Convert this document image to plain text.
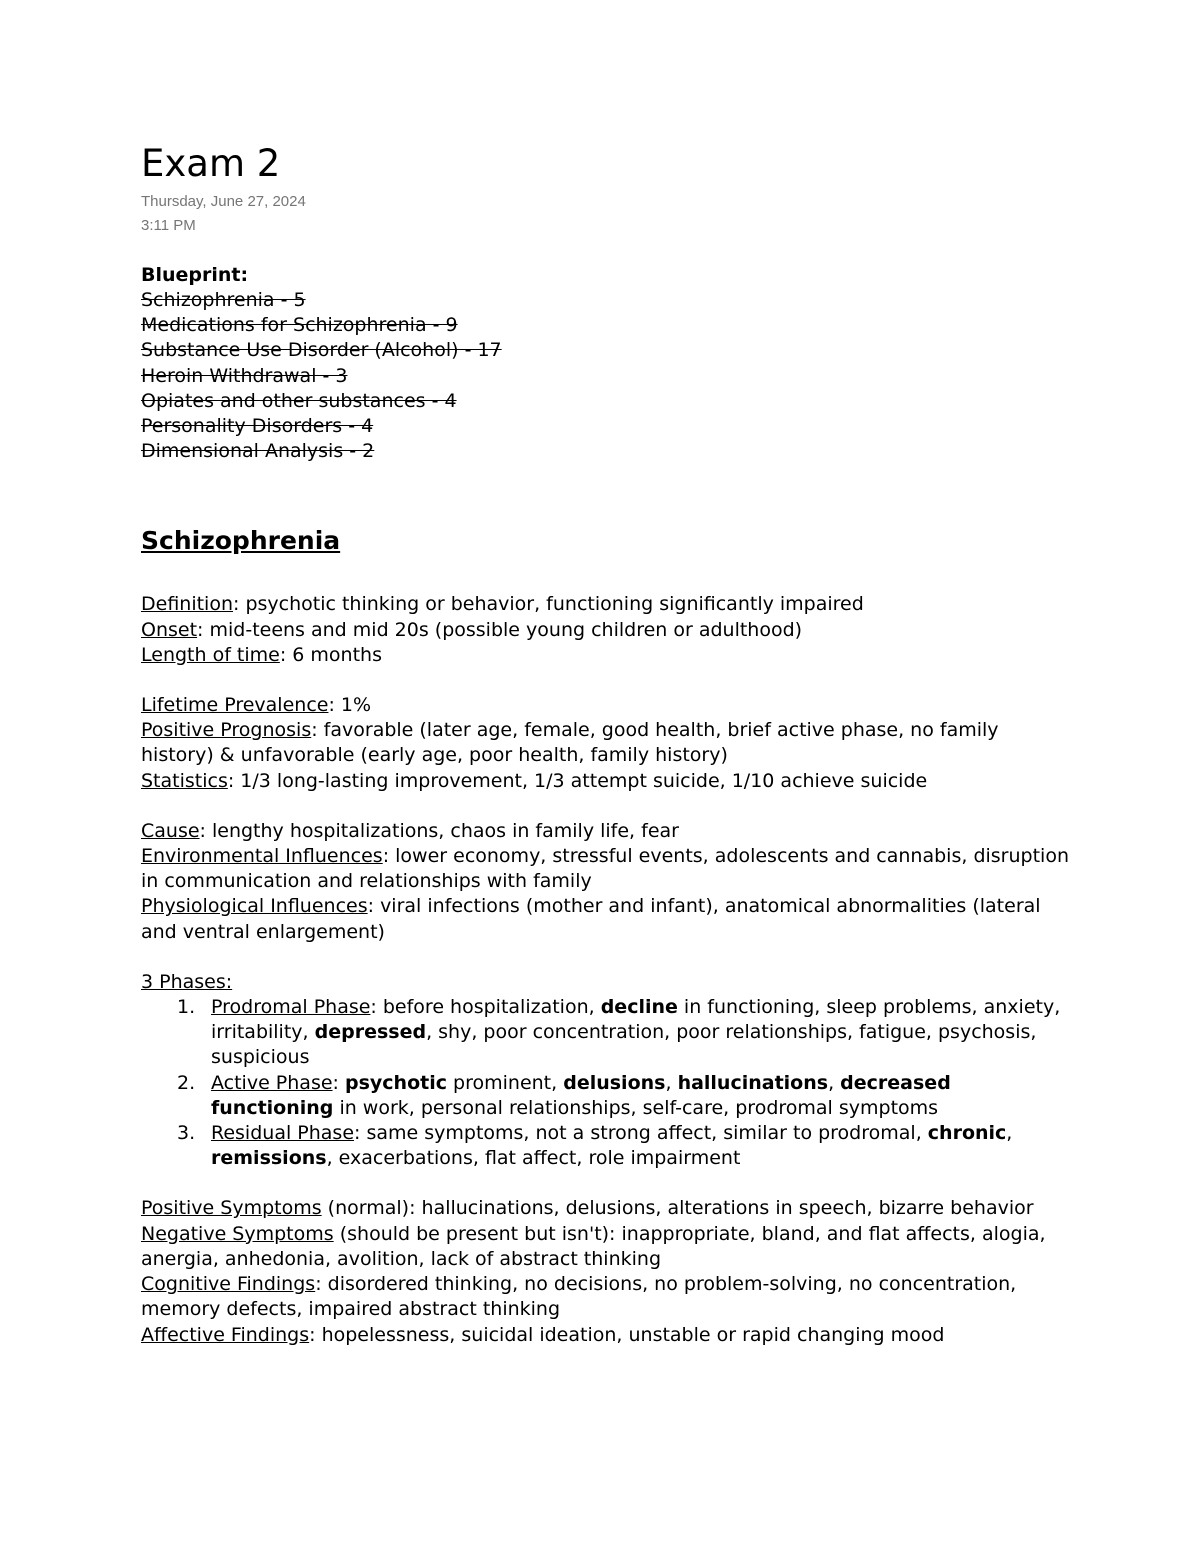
Exam 2
Thursday, June 27, 2024
3:11 PM
Blueprint:
Schizophrenia - 5
Medications for Schizophrenia - 9
Substance Use Disorder (Alcohol) - 17
Heroin Withdrawal - 3
Opiates and other substances - 4
Personality Disorders - 4
Dimensional Analysis - 2
Schizophrenia
Definition: psychotic thinking or behavior, functioning significantly impaired
Onset: mid-teens and mid 20s (possible young children or adulthood)
Length of time: 6 months
Lifetime Prevalence: 1%
Positive Prognosis: favorable (later age, female, good health, brief active phase, no family history) & unfavorable (early age, poor health, family history)
Statistics: 1/3 long-lasting improvement, 1/3 attempt suicide, 1/10 achieve suicide
Cause: lengthy hospitalizations, chaos in family life, fear
Environmental Influences: lower economy, stressful events, adolescents and cannabis, disruption in communication and relationships with family
Physiological Influences: viral infections (mother and infant), anatomical abnormalities (lateral and ventral enlargement)
3 Phases:
Prodromal Phase: before hospitalization, decline in functioning, sleep problems, anxiety, irritability, depressed, shy, poor concentration, poor relationships, fatigue, psychosis, suspicious
Active Phase: psychotic prominent, delusions, hallucinations, decreased functioning in work, personal relationships, self-care, prodromal symptoms
Residual Phase: same symptoms, not a strong affect, similar to prodromal, chronic, remissions, exacerbations, flat affect, role impairment
Positive Symptoms (normal): hallucinations, delusions, alterations in speech, bizarre behavior
Negative Symptoms (should be present but isn't): inappropriate, bland, and flat affects, alogia, anergia, anhedonia, avolition, lack of abstract thinking
Cognitive Findings: disordered thinking, no decisions, no problem-solving, no concentration, memory defects, impaired abstract thinking
Affective Findings: hopelessness, suicidal ideation, unstable or rapid changing mood
